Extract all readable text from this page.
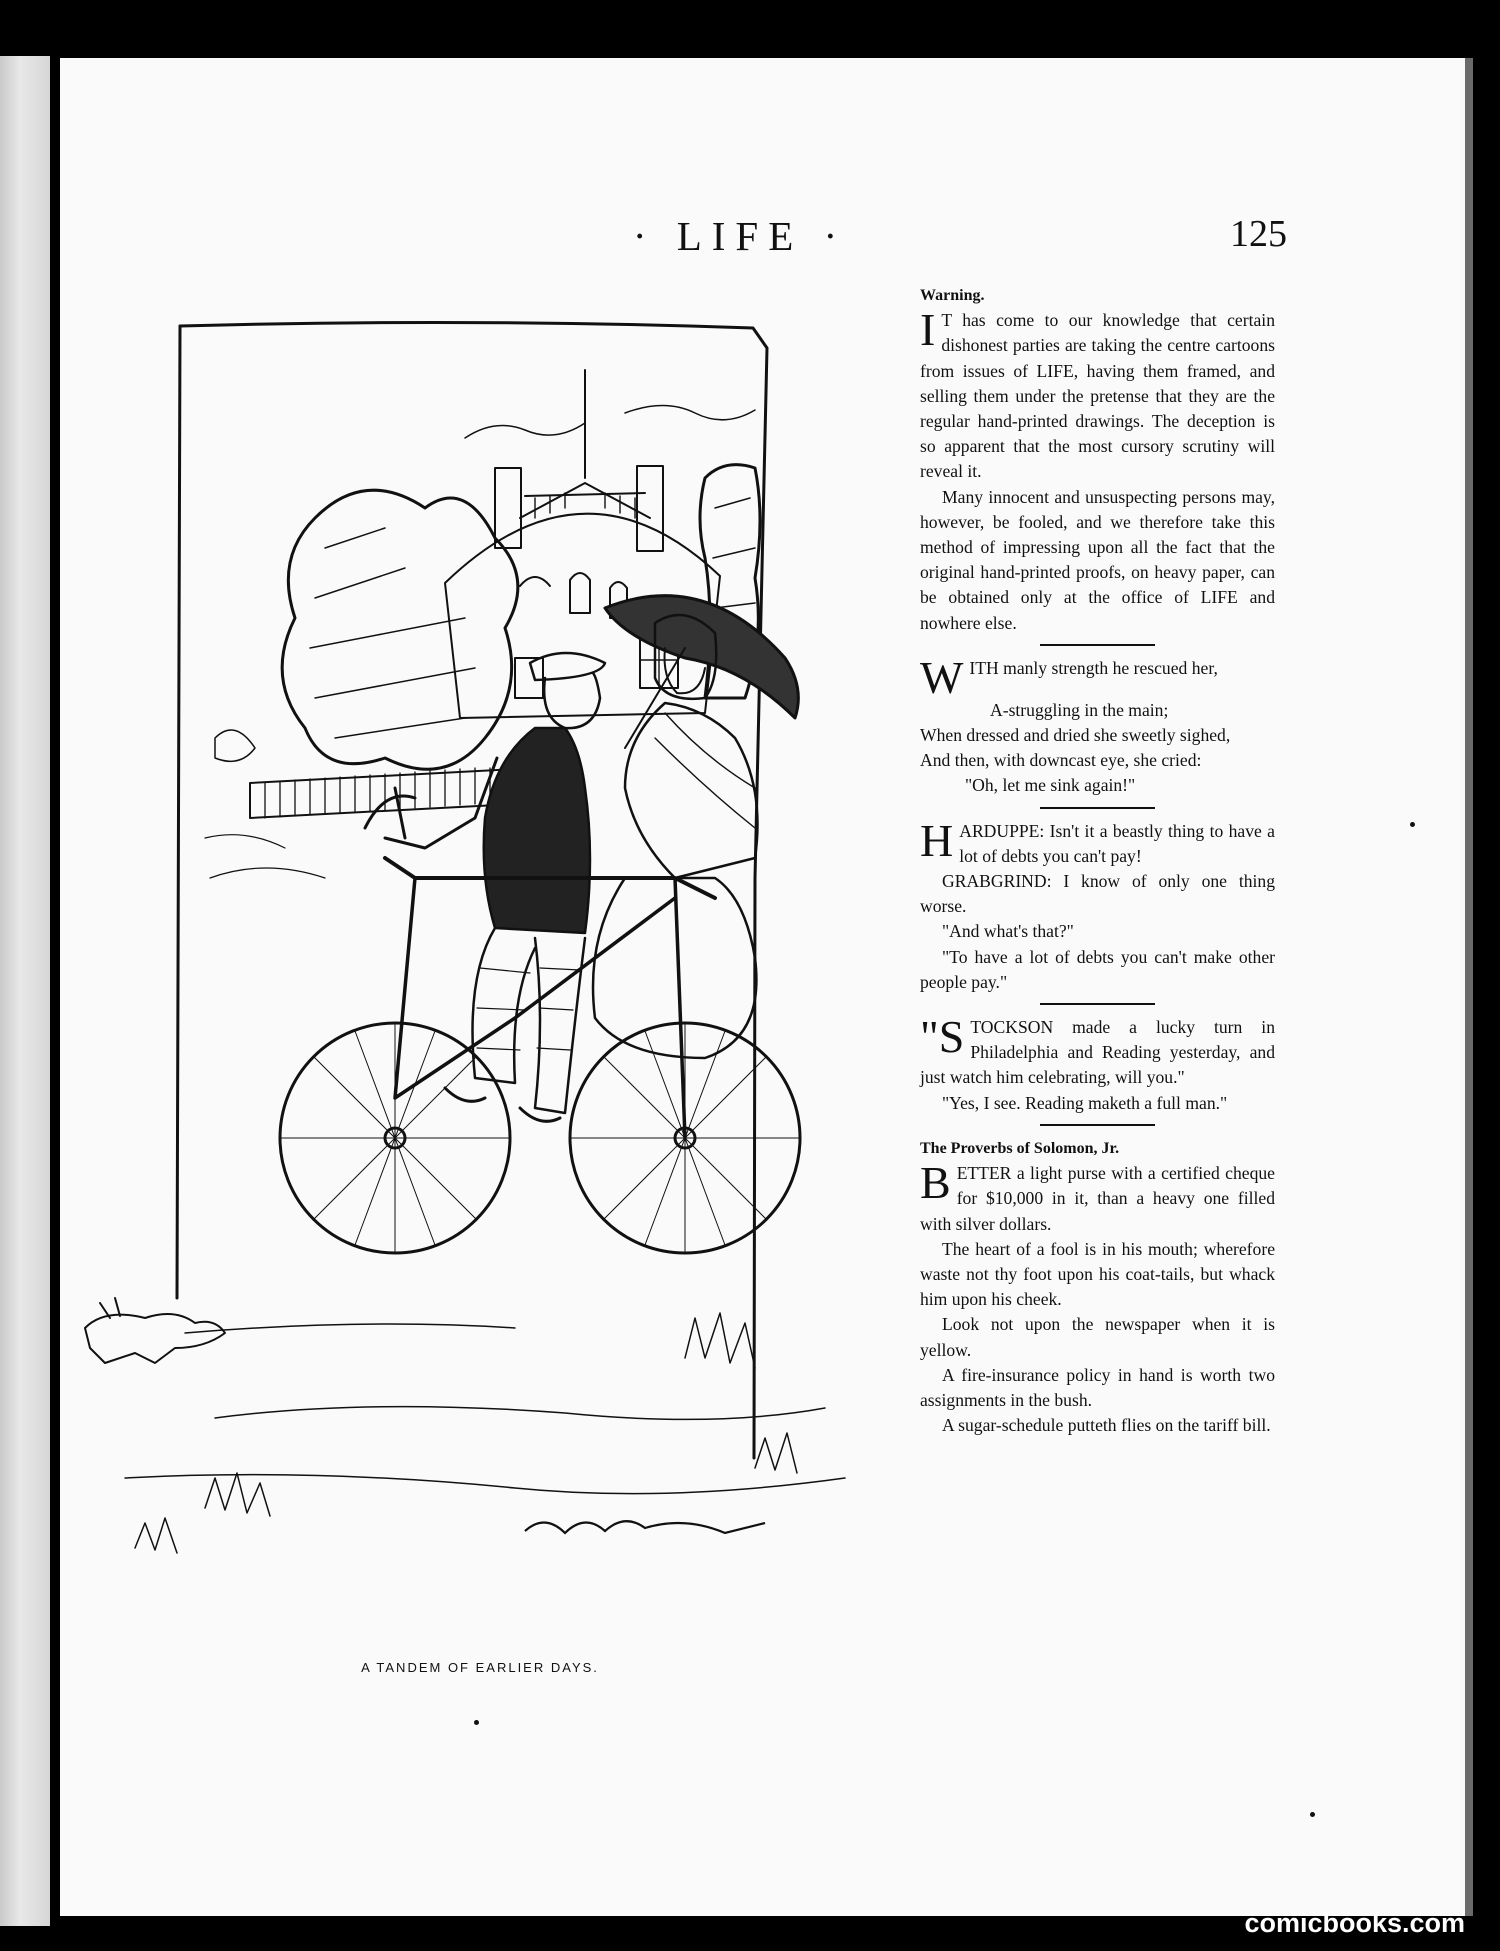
· LIFE ·	125
A TANDEM OF EARLIER DAYS.

Warning.

I T has come to our knowledge that certain dishonest parties are taking the centre cartoons from issues of LIFE, having them framed, and selling them under the pretense that they are the regular hand-printed drawings. The deception is so apparent that the most cursory scrutiny will reveal it.

Many innocent and unsuspecting persons may, however, be fooled, and we therefore take this method of impressing upon all the fact that the original hand-printed proofs, on heavy paper, can be obtained only at the office of LIFE and nowhere else.

WITH manly strength he rescued her,
A-struggling in the main;
When dressed and dried she sweetly sighed,
And then, with downcast eye, she cried:
"Oh, let me sink again!"

HARDUPPE: Isn't it a beastly thing to have a lot of debts you can't pay!

GRABGRIND: I know of only one thing worse.

"And what's that?"

"To have a lot of debts you can't make other people pay."

"STOCKSON made a lucky turn in Philadelphia and Reading yesterday, and just watch him celebrating, will you."

"Yes, I see. Reading maketh a full man."

The Proverbs of Solomon, Jr.

BETTER a light purse with a certified cheque for $10,000 in it, than a heavy one filled with silver dollars.

The heart of a fool is in his mouth; wherefore waste not thy foot upon his coat-tails, but whack him upon his cheek.

Look not upon the newspaper when it is yellow.

A fire-insurance policy in hand is worth two assignments in the bush.

A sugar-schedule putteth flies on the tariff bill.

comicbooks.com
